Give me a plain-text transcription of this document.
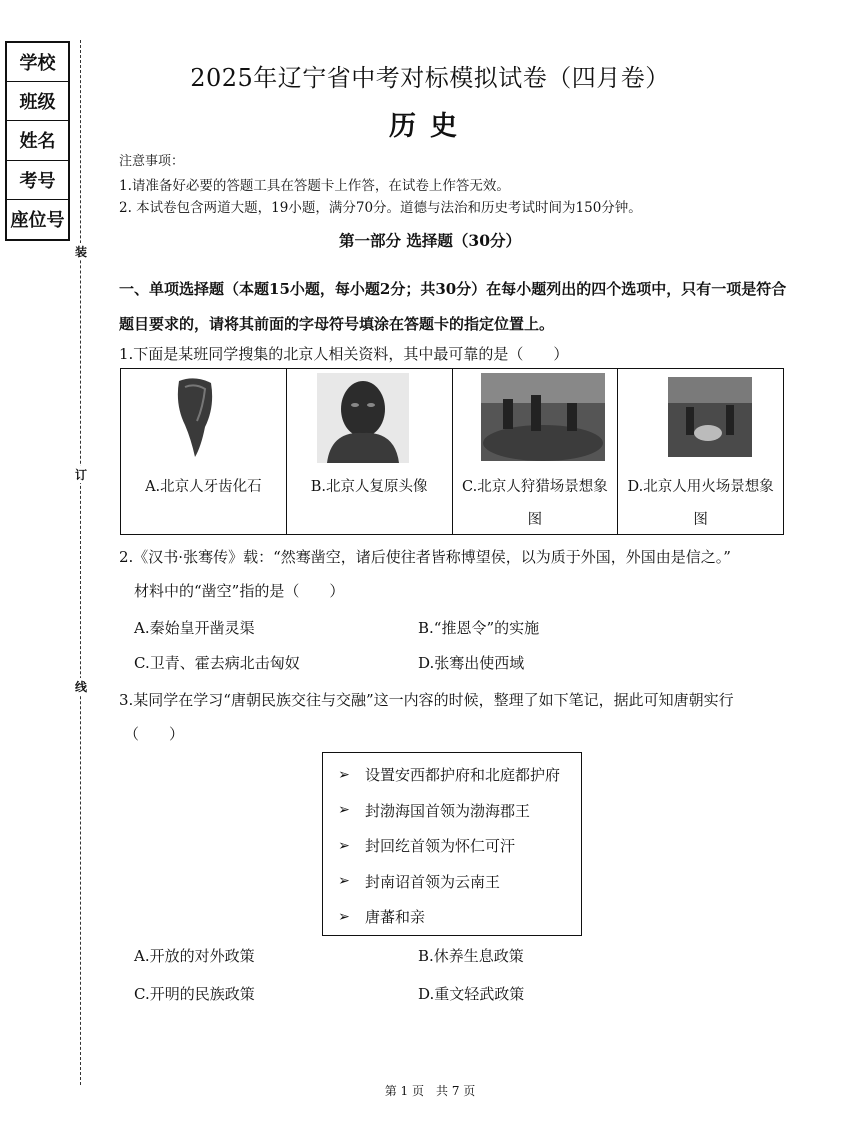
学校
班级
姓名
考号
座位号
装
订
线
2025年辽宁省中考对标模拟试卷（四月卷）
历史
注意事项：
1.请准备好必要的答题工具在答题卡上作答，在试卷上作答无效。
2. 本试卷包含两道大题，19小题，满分70分。道德与法治和历史考试时间为150分钟。
第一部分 选择题（30分）
一、单项选择题（本题15小题，每小题2分；共30分）在每小题列出的四个选项中，只有一项是符合题目要求的，请将其前面的字母符号填涂在答题卡的指定位置上。
1.下面是某班同学搜集的北京人相关资料，其中最可靠的是（　　）
A.北京人牙齿化石	B.北京人复原头像	C.北京人狩猎场景想象
图
D.北京人用火场景想象
图
2.《汉书·张骞传》载：“然骞凿空，诸后使往者皆称博望侯，以为质于外国，外国由是信之。”
材料中的“凿空”指的是（　　）
A.秦始皇开凿灵渠	B.“推恩令”的实施
C.卫青、霍去病北击匈奴	D.张骞出使西域
3.某同学在学习“唐朝民族交往与交融”这一内容的时候，整理了如下笔记，据此可知唐朝实行
（　　）
➢	设置安西都护府和北庭都护府
➢	封渤海国首领为渤海郡王
➢	封回纥首领为怀仁可汗
➢	封南诏首领为云南王
➢	唐蕃和亲
A.开放的对外政策	B.休养生息政策
C.开明的民族政策	D.重文轻武政策
第 1 页　共 7 页
